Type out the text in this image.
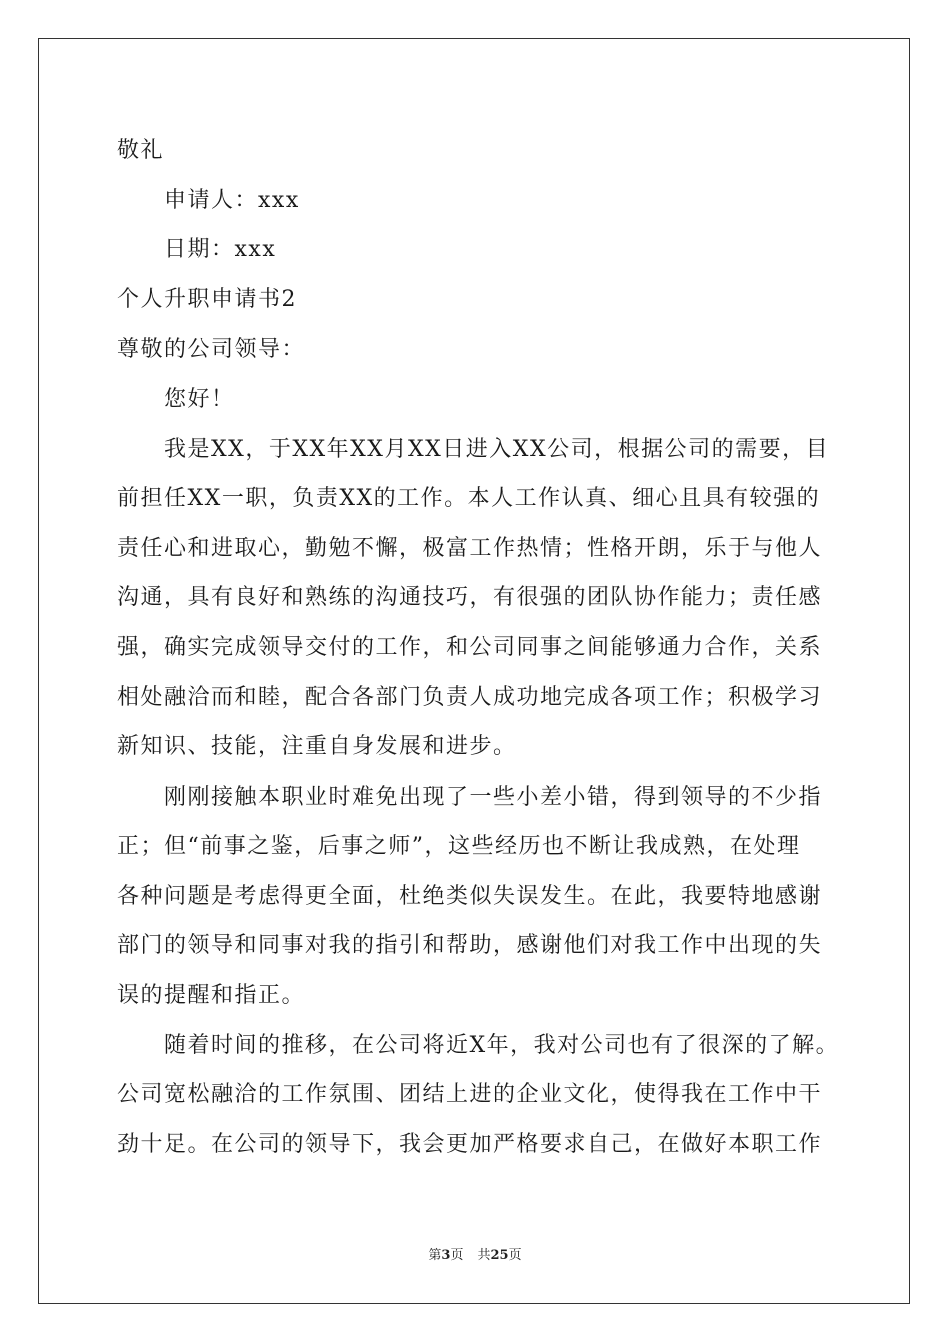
敬礼
申请人：xxx
日期：xxx
个人升职申请书2
尊敬的公司领导：
您好！
我是XX，于XX年XX月XX日进入XX公司，根据公司的需要，目
前担任XX一职，负责XX的工作。本人工作认真、细心且具有较强的
责任心和进取心，勤勉不懈，极富工作热情；性格开朗，乐于与他人
沟通，具有良好和熟练的沟通技巧，有很强的团队协作能力；责任感
强，确实完成领导交付的工作，和公司同事之间能够通力合作，关系
相处融洽而和睦，配合各部门负责人成功地完成各项工作；积极学习
新知识、技能，注重自身发展和进步。
刚刚接触本职业时难免出现了一些小差小错，得到领导的不少指
正；但“前事之鉴，后事之师”，这些经历也不断让我成熟，在处理
各种问题是考虑得更全面，杜绝类似失误发生。在此，我要特地感谢
部门的领导和同事对我的指引和帮助，感谢他们对我工作中出现的失
误的提醒和指正。
随着时间的推移，在公司将近X年，我对公司也有了很深的了解。
公司宽松融洽的工作氛围、团结上进的企业文化，使得我在工作中干
劲十足。在公司的领导下，我会更加严格要求自己，在做好本职工作
第3页 共25页
